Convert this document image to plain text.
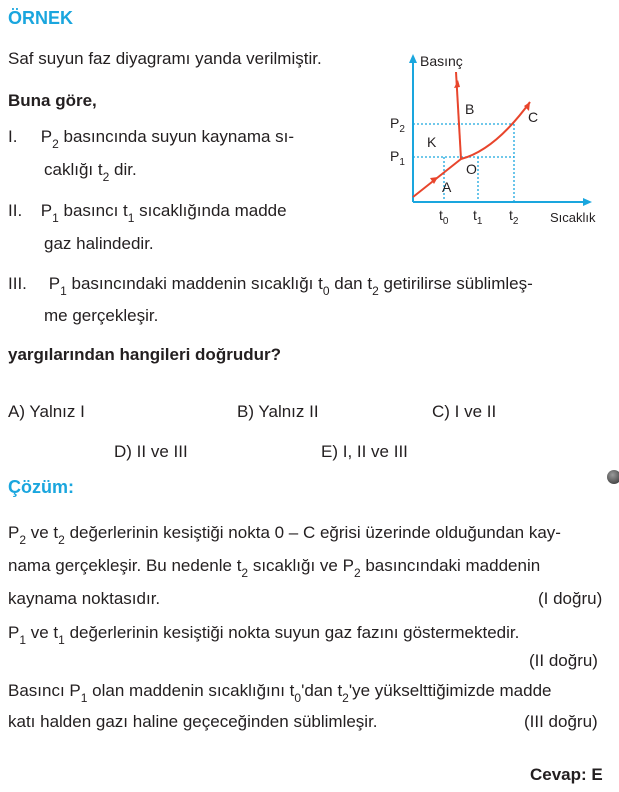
ÖRNEK
Saf suyun faz diyagramı yanda verilmiştir.
Buna göre,
I. $P_2$ basıncında suyun kaynama sı-
caklığı $t_2$ dir.
II. $P_1$ basıncı $t_1$ sıcaklığında madde
gaz halindedir.
III. $P_1$ basıncındaki maddenin sıcaklığı $t_0$ dan $t_2$ getirilirse süblimleş-
me gerçekleşir.
yargılarından hangileri doğrudur?
A) Yalnız I	B) Yalnız II	C) I ve II
D) II ve III	E) I, II ve III
Çözüm:
$P_2$ ve $t_2$ değerlerinin kesiştiği nokta 0 – C eğrisi üzerinde olduğundan kay-
nama gerçekleşir. Bu nedenle $t_2$ sıcaklığı ve $P_2$ basıncındaki maddenin
kaynama noktasıdır.	(I doğru)
$P_1$ ve $t_1$ değerlerinin kesiştiği nokta suyun gaz fazını göstermektedir.
(II doğru)
Basıncı $P_1$ olan maddenin sıcaklığını $t_0'dan$ $t_2'ye$ yükselttiğimizde madde
katı halden gazı haline geçeceğinden süblimleşir.	(III doğru)
Cevap: E
Basınç
Sıcaklık
$P_2$
$P_1$
$t_0$ $t_1$ $t_2$
K
O
A
B	C
